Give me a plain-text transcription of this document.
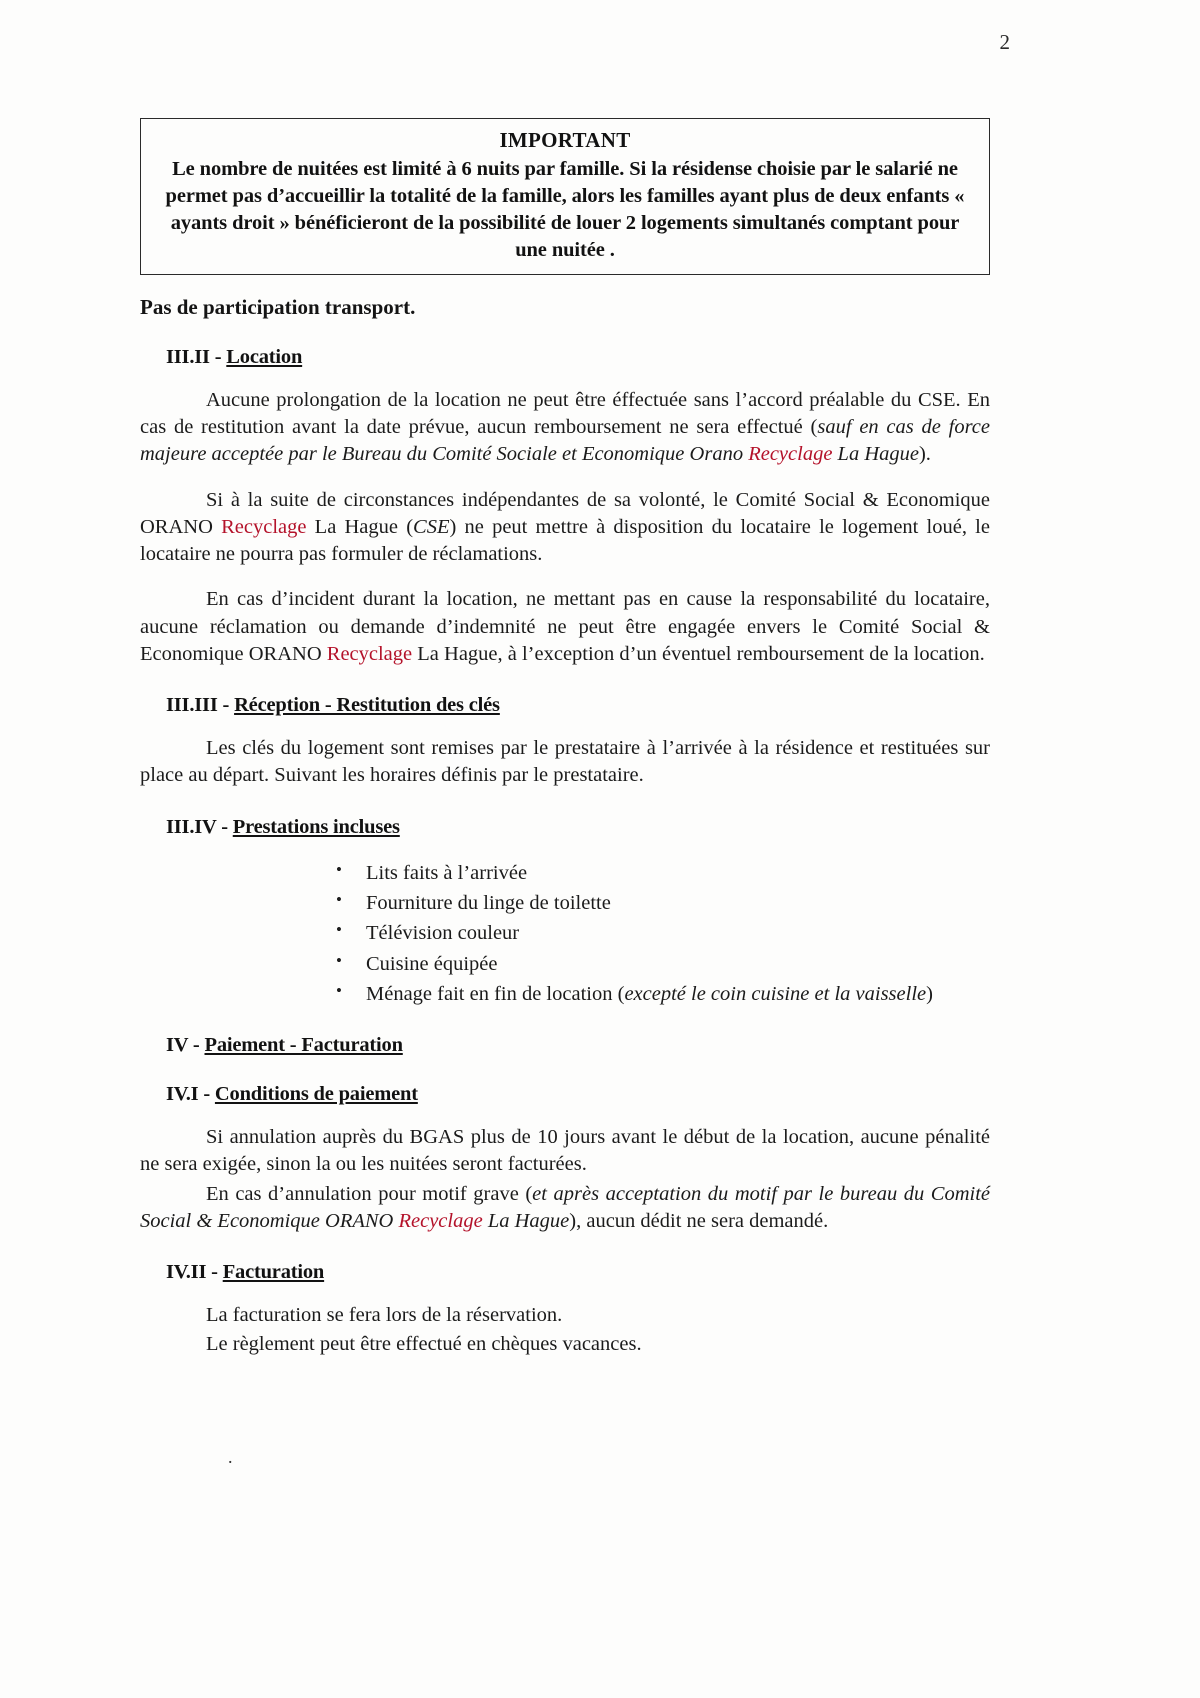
2
IMPORTANT
Le nombre de nuitées est limité à 6 nuits par famille. Si la résidense choisie par le salarié ne permet pas d’accueillir la totalité de la famille, alors les familles ayant plus de deux enfants « ayants droit » bénéficieront de la possibilité de louer 2 logements simultanés comptant pour une nuitée .

Pas de participation transport.

III.II - Location

Aucune prolongation de la location ne peut être éffectuée sans l’accord préalable du CSE. En cas de restitution avant la date prévue, aucun remboursement ne sera effectué (sauf en cas de force majeure acceptée par le Bureau du Comité Sociale et Economique Orano Recyclage La Hague).

Si à la suite de circonstances indépendantes de sa volonté, le Comité Social & Economique ORANO Recyclage La Hague (CSE) ne peut mettre à disposition du locataire le logement loué, le locataire ne pourra pas formuler de réclamations.

En cas d’incident durant la location, ne mettant pas en cause la responsabilité du locataire, aucune réclamation ou demande d’indemnité ne peut être engagée envers le Comité Social & Economique ORANO Recyclage La Hague, à l’exception d’un éventuel remboursement de la location.

III.III - Réception - Restitution des clés

Les clés du logement sont remises par le prestataire à l’arrivée à la résidence et restituées sur place au départ. Suivant les horaires définis par le prestataire.

III.IV - Prestations incluses
• Lits faits à l’arrivée
• Fourniture du linge de toilette
• Télévision couleur
• Cuisine équipée
• Ménage fait en fin de location (excepté le coin cuisine et la vaisselle)
IV - Paiement - Facturation
IV.I - Conditions de paiement

Si annulation auprès du BGAS plus de 10 jours avant le début de la location, aucune pénalité ne sera exigée, sinon la ou les nuitées seront facturées.

En cas d’annulation pour motif grave (et après acceptation du motif par le bureau du Comité Social & Economique ORANO Recyclage La Hague), aucun dédit ne sera demandé.

IV.II - Facturation

La facturation se fera lors de la réservation.

Le règlement peut être effectué en chèques vacances.

.
